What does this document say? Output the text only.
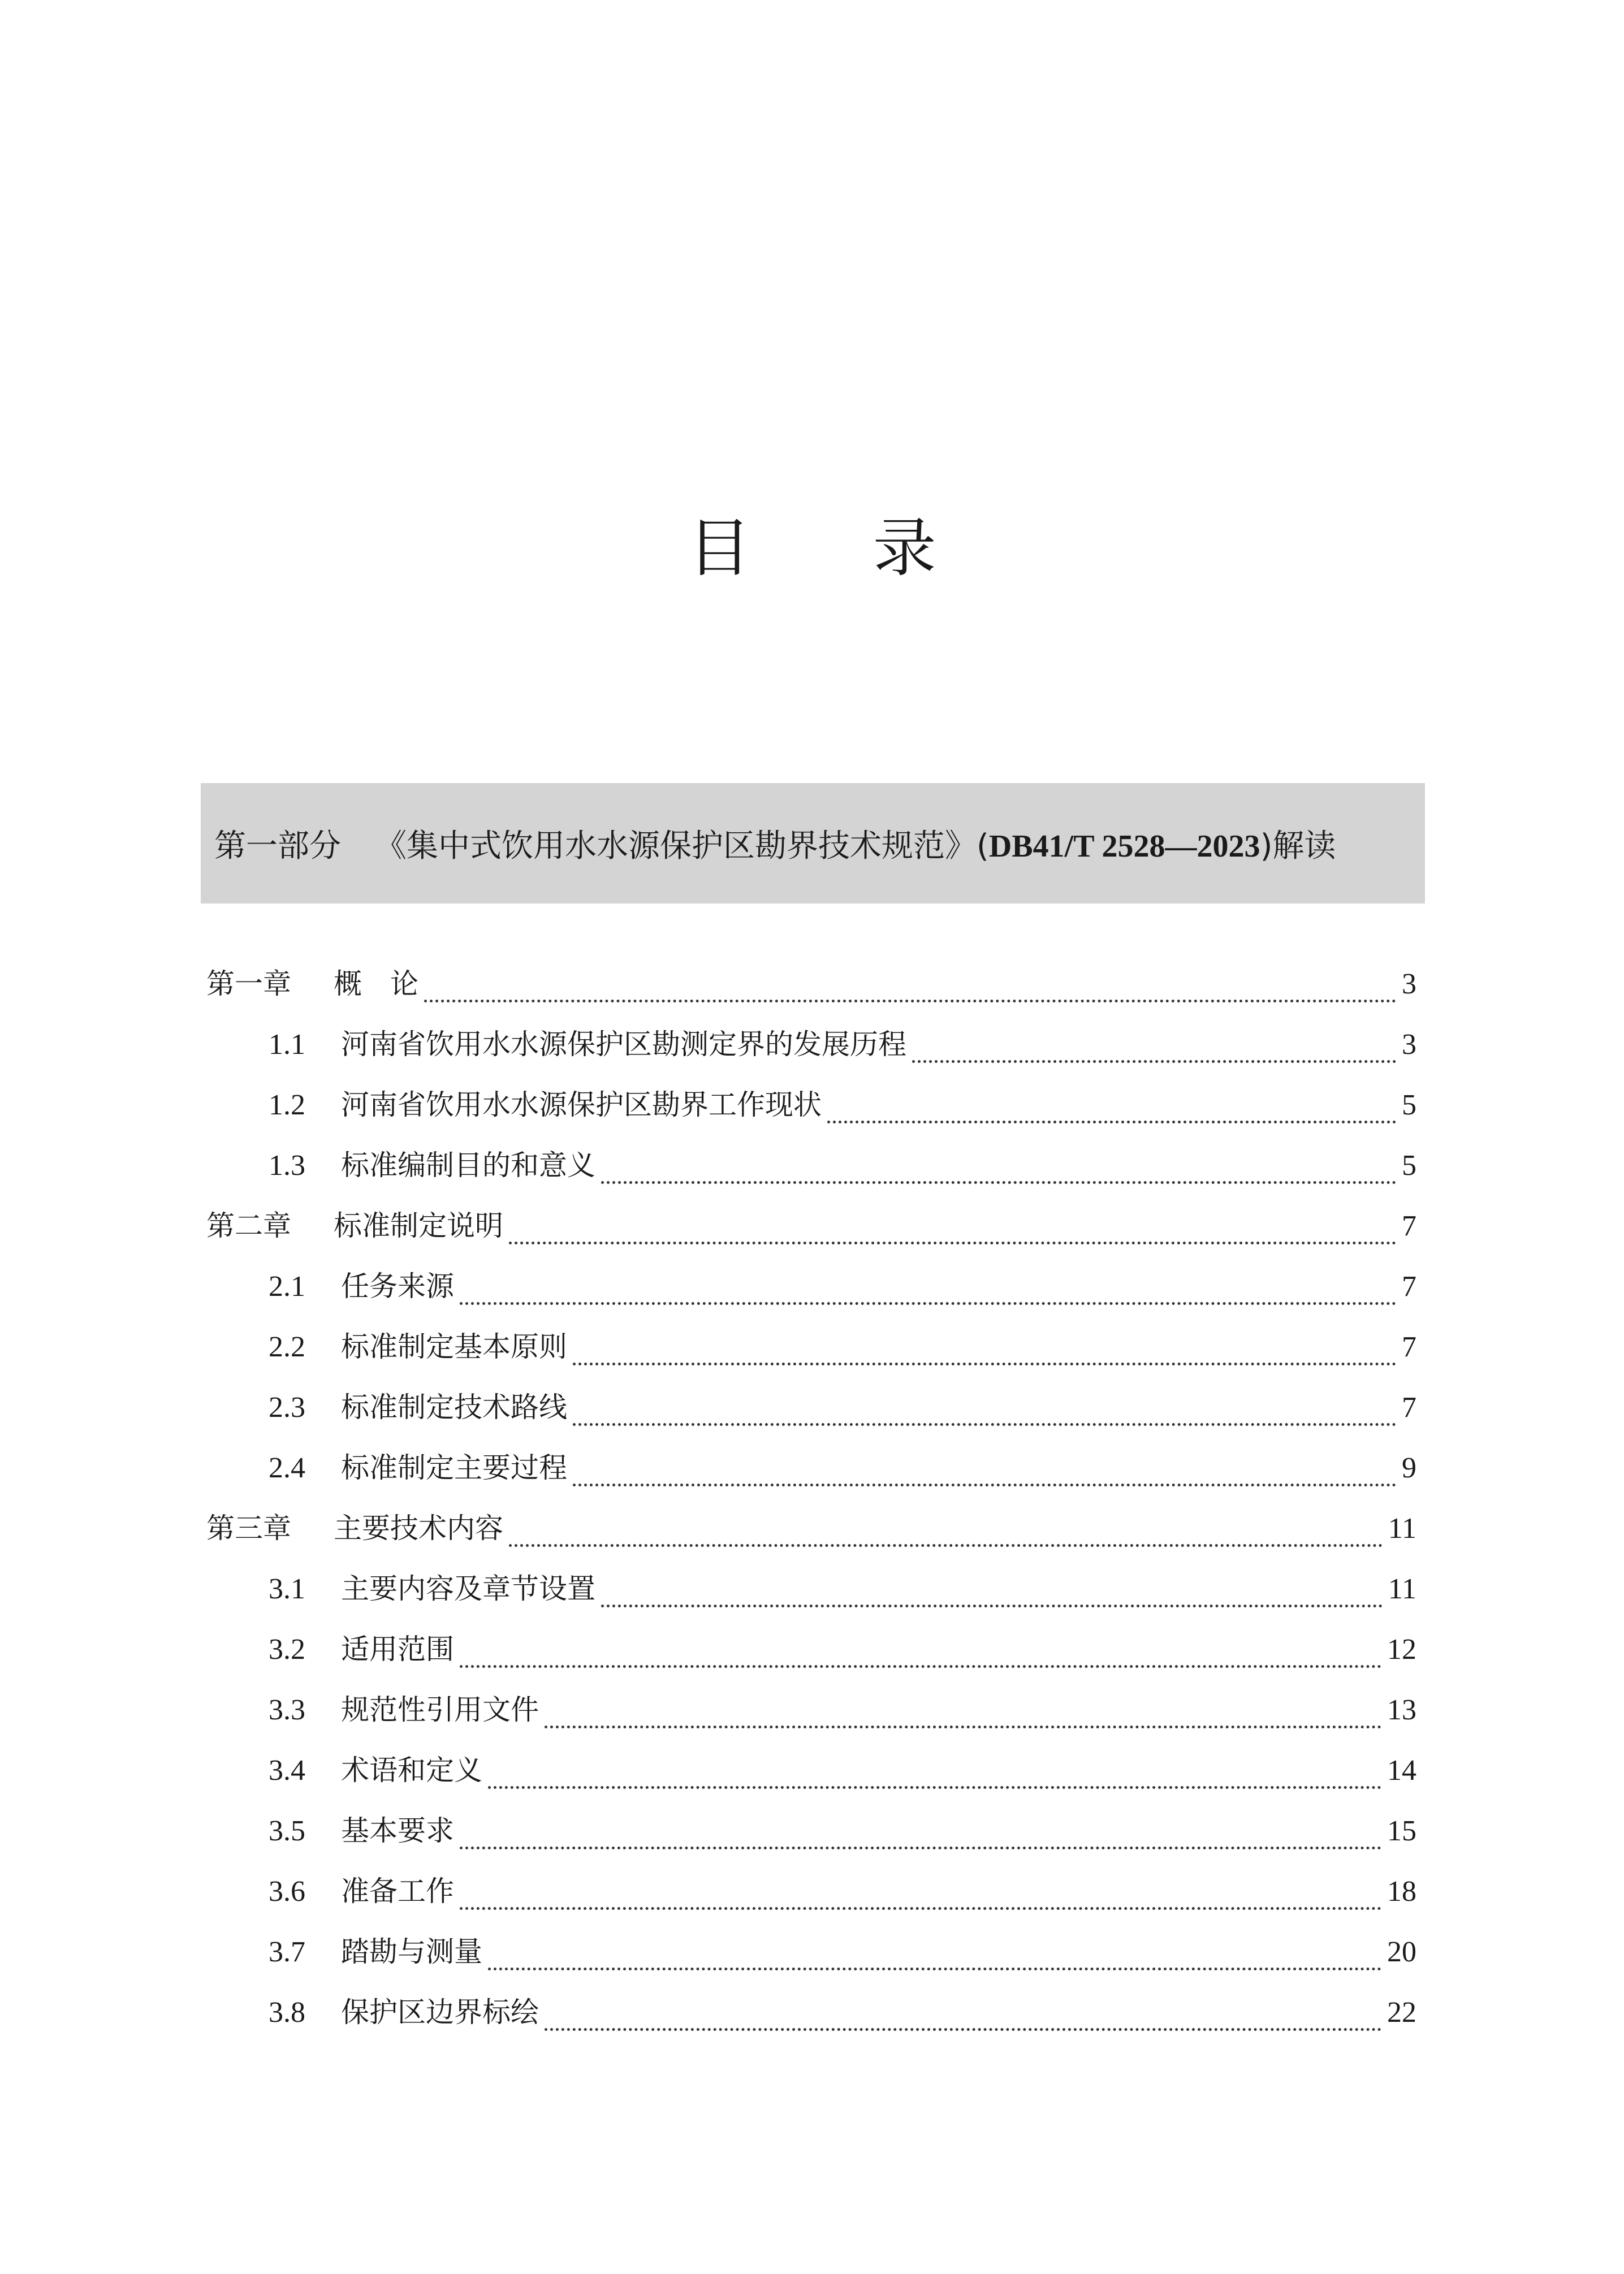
目 录
第一部分 《集中式饮用水水源保护区勘界技术规范》(DB41/T 2528—2023)解读
第一章	概　论	3
1.1	河南省饮用水水源保护区勘测定界的发展历程	3
1.2	河南省饮用水水源保护区勘界工作现状	5
1.3	标准编制目的和意义	5
第二章	标准制定说明	7
2.1	任务来源	7
2.2	标准制定基本原则	7
2.3	标准制定技术路线	7
2.4	标准制定主要过程	9
第三章	主要技术内容	11
3.1	主要内容及章节设置	11
3.2	适用范围	12
3.3	规范性引用文件	13
3.4	术语和定义	14
3.5	基本要求	15
3.6	准备工作	18
3.7	踏勘与测量	20
3.8	保护区边界标绘	22
